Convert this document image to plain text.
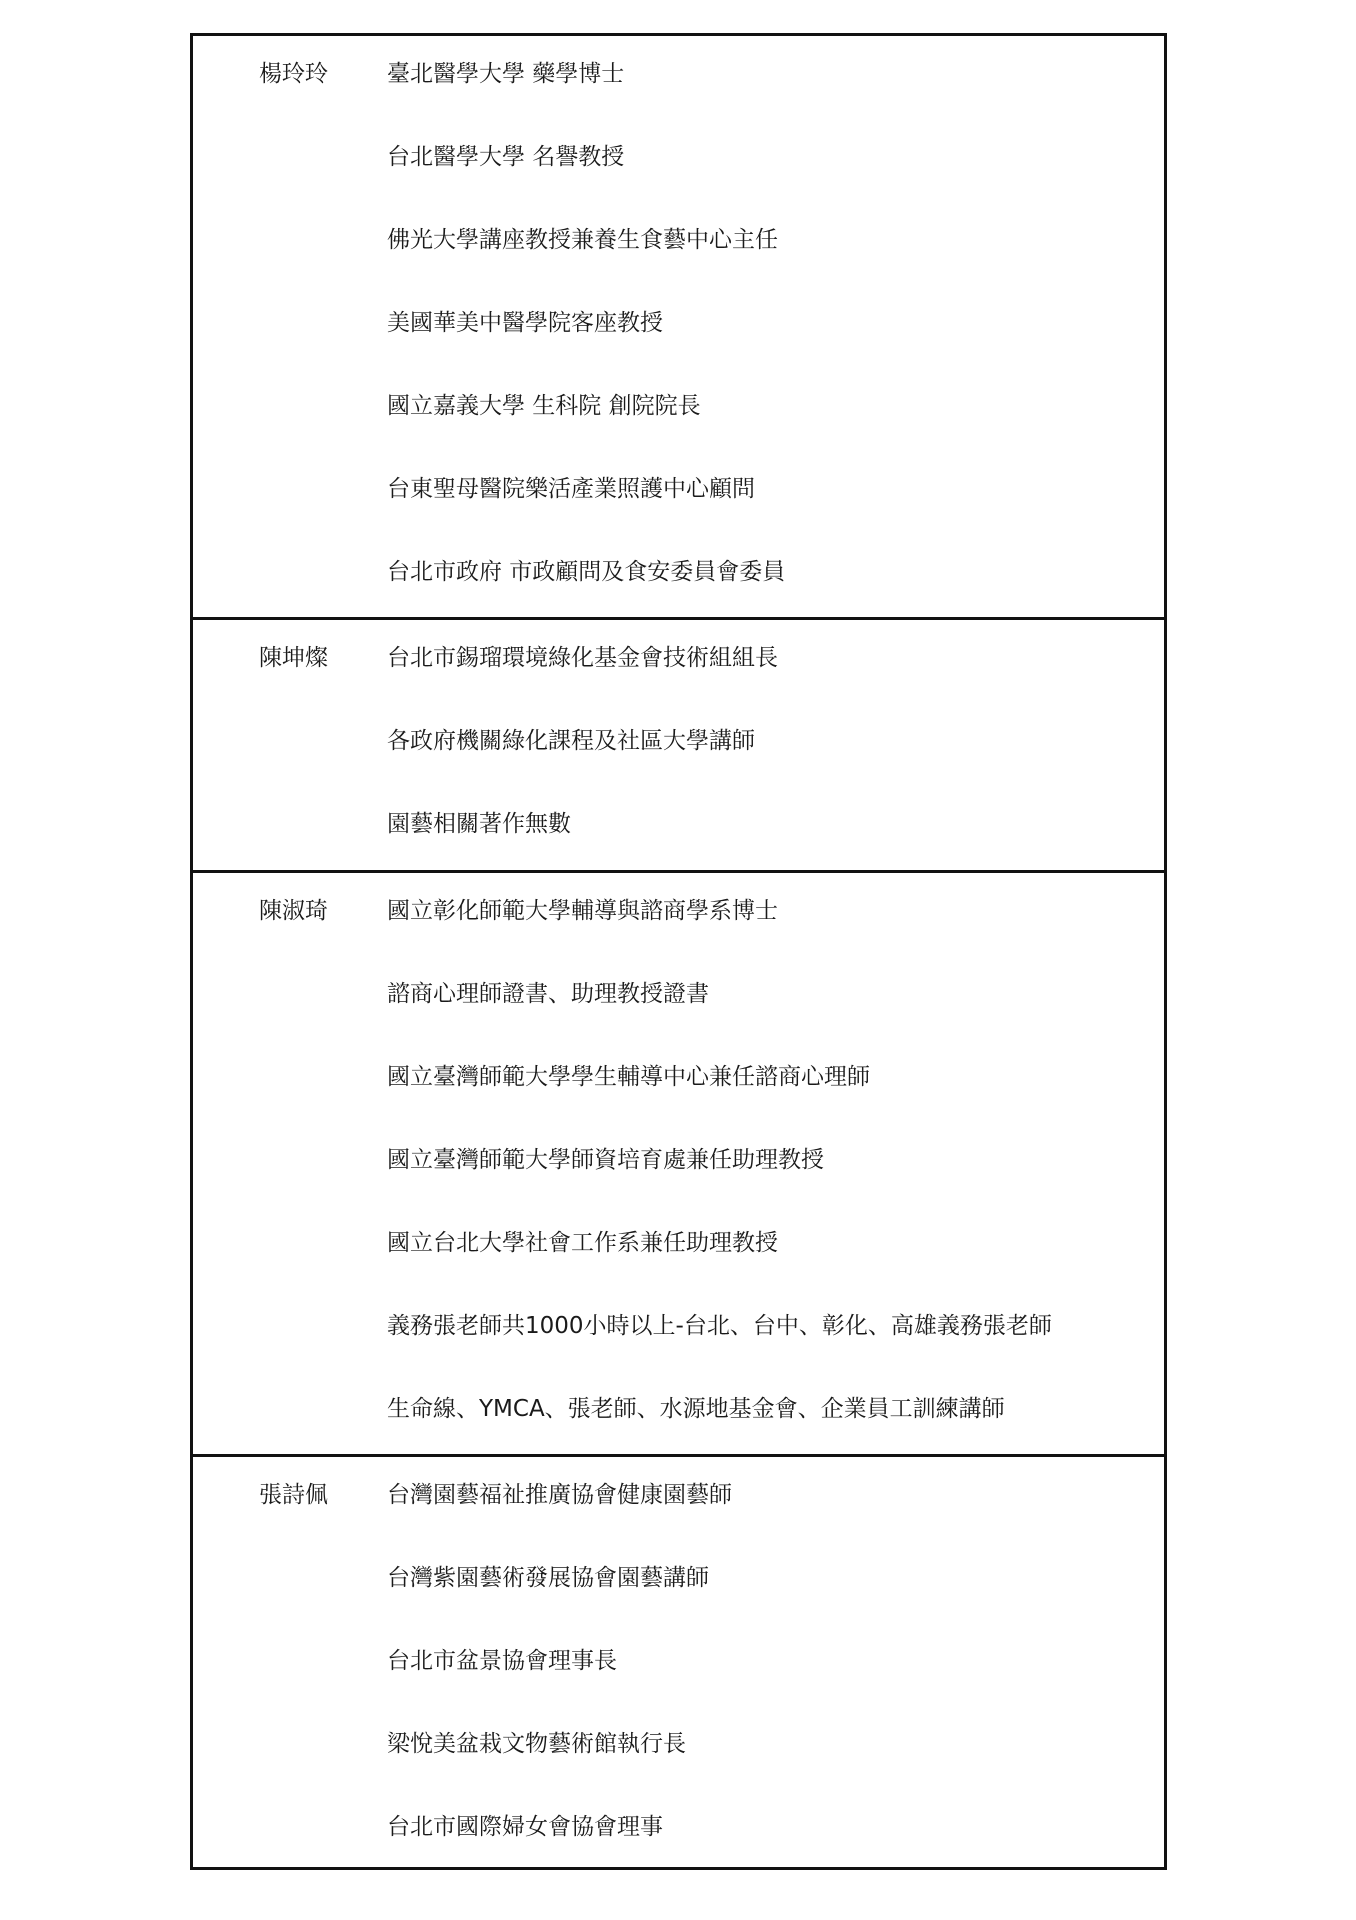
楊玲玲	臺北醫學大學 藥學博士
台北醫學大學 名譽教授
佛光大學講座教授兼養生食藝中心主任
美國華美中醫學院客座教授
國立嘉義大學 生科院 創院院長
台東聖母醫院樂活產業照護中心顧問
台北市政府 市政顧問及食安委員會委員
陳坤燦	台北市錫瑠環境綠化基金會技術組組長
各政府機關綠化課程及社區大學講師
園藝相關著作無數
陳淑琦	國立彰化師範大學輔導與諮商學系博士
諮商心理師證書、助理教授證書
國立臺灣師範大學學生輔導中心兼任諮商心理師
國立臺灣師範大學師資培育處兼任助理教授
國立台北大學社會工作系兼任助理教授
義務張老師共1000小時以上-台北、台中、彰化、高雄義務張老師
生命線、YMCA、張老師、水源地基金會、企業員工訓練講師
張詩佩	台灣園藝福祉推廣協會健康園藝師
台灣紫園藝術發展協會園藝講師
台北市盆景協會理事長
梁悅美盆栽文物藝術館執行長
台北市國際婦女會協會理事
